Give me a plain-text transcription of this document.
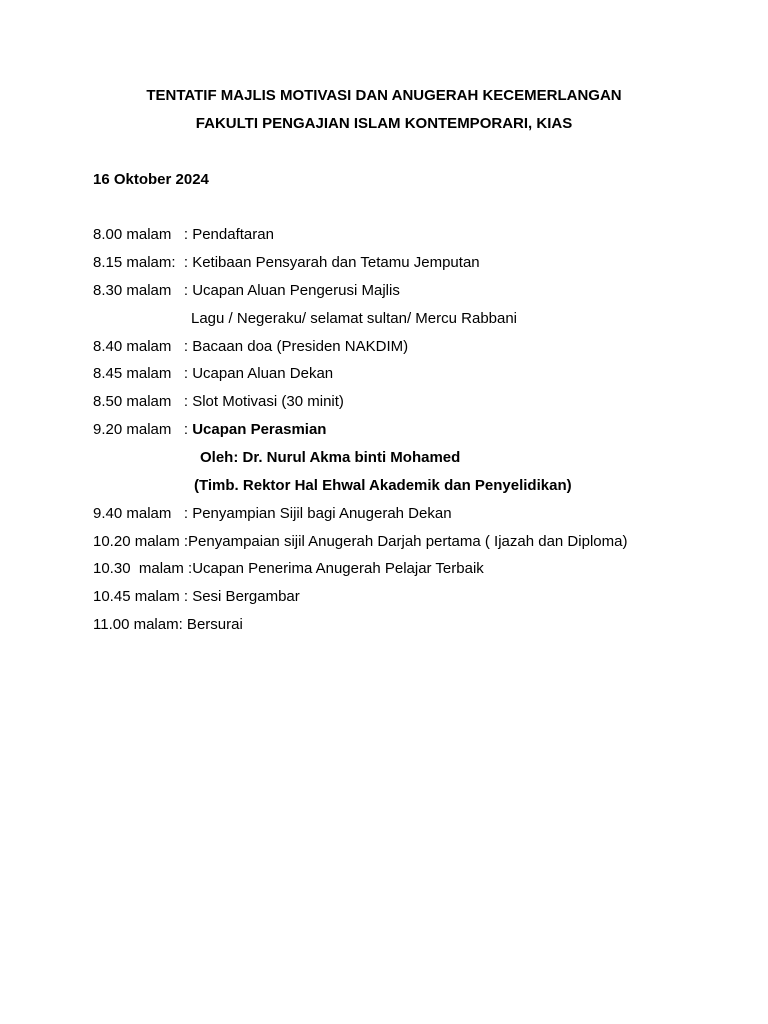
TENTATIF MAJLIS MOTIVASI DAN ANUGERAH KECEMERLANGAN

FAKULTI PENGAJIAN ISLAM KONTEMPORARI, KIAS

16 Oktober 2024

8.00 malam   : Pendaftaran

8.15 malam:  : Ketibaan Pensyarah dan Tetamu Jemputan

8.30 malam   : Ucapan Aluan Pengerusi Majlis

Lagu / Negeraku/ selamat sultan/ Mercu Rabbani

8.40 malam   : Bacaan doa (Presiden NAKDIM)

8.45 malam   : Ucapan Aluan Dekan

8.50 malam   : Slot Motivasi (30 minit)

9.20 malam   : Ucapan Perasmian

Oleh: Dr. Nurul Akma binti Mohamed

(Timb. Rektor Hal Ehwal Akademik dan Penyelidikan)

9.40 malam   : Penyampian Sijil bagi Anugerah Dekan

10.20 malam :Penyampaian sijil Anugerah Darjah pertama ( Ijazah dan Diploma)

10.30  malam :Ucapan Penerima Anugerah Pelajar Terbaik

10.45 malam : Sesi Bergambar

11.00 malam: Bersurai
